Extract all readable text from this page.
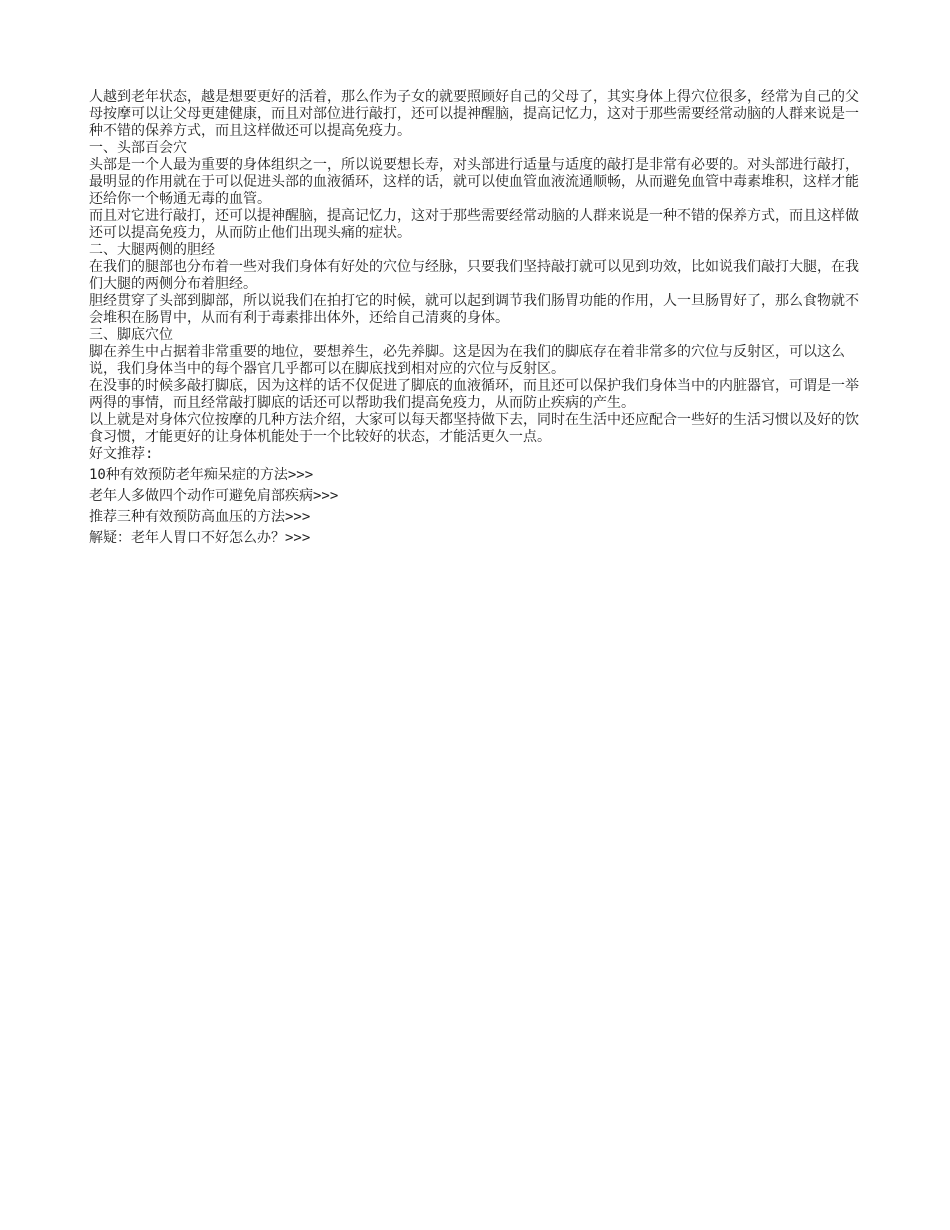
人越到老年状态，越是想要更好的活着，那么作为子女的就要照顾好自己的父母了，其实身体上得穴位很多，经常为自己的父母按摩可以让父母更建健康，而且对部位进行敲打，还可以提神醒脑，提高记忆力，这对于那些需要经常动脑的人群来说是一种不错的保养方式，而且这样做还可以提高免疫力。

一、头部百会穴

头部是一个人最为重要的身体组织之一，所以说要想长寿，对头部进行适量与适度的敲打是非常有必要的。对头部进行敲打，最明显的作用就在于可以促进头部的血液循环，这样的话，就可以使血管血液流通顺畅，从而避免血管中毒素堆积，这样才能还给你一个畅通无毒的血管。

而且对它进行敲打，还可以提神醒脑，提高记忆力，这对于那些需要经常动脑的人群来说是一种不错的保养方式，而且这样做还可以提高免疫力，从而防止他们出现头痛的症状。

二、大腿两侧的胆经

在我们的腿部也分布着一些对我们身体有好处的穴位与经脉，只要我们坚持敲打就可以见到功效，比如说我们敲打大腿，在我们大腿的两侧分布着胆经。

胆经贯穿了头部到脚部，所以说我们在拍打它的时候，就可以起到调节我们肠胃功能的作用，人一旦肠胃好了，那么食物就不会堆积在肠胃中，从而有利于毒素排出体外，还给自己清爽的身体。

三、脚底穴位

脚在养生中占据着非常重要的地位，要想养生，必先养脚。这是因为在我们的脚底存在着非常多的穴位与反射区，可以这么说，我们身体当中的每个器官几乎都可以在脚底找到相对应的穴位与反射区。

在没事的时候多敲打脚底，因为这样的话不仅促进了脚底的血液循环，而且还可以保护我们身体当中的内脏器官，可谓是一举两得的事情，而且经常敲打脚底的话还可以帮助我们提高免疫力，从而防止疾病的产生。

以上就是对身体穴位按摩的几种方法介绍，大家可以每天都坚持做下去，同时在生活中还应配合一些好的生活习惯以及好的饮食习惯，才能更好的让身体机能处于一个比较好的状态，才能活更久一点。

好文推荐:

10种有效预防老年痴呆症的方法>>>
老年人多做四个动作可避免肩部疾病>>>
推荐三种有效预防高血压的方法>>>
解疑：老年人胃口不好怎么办？>>>
